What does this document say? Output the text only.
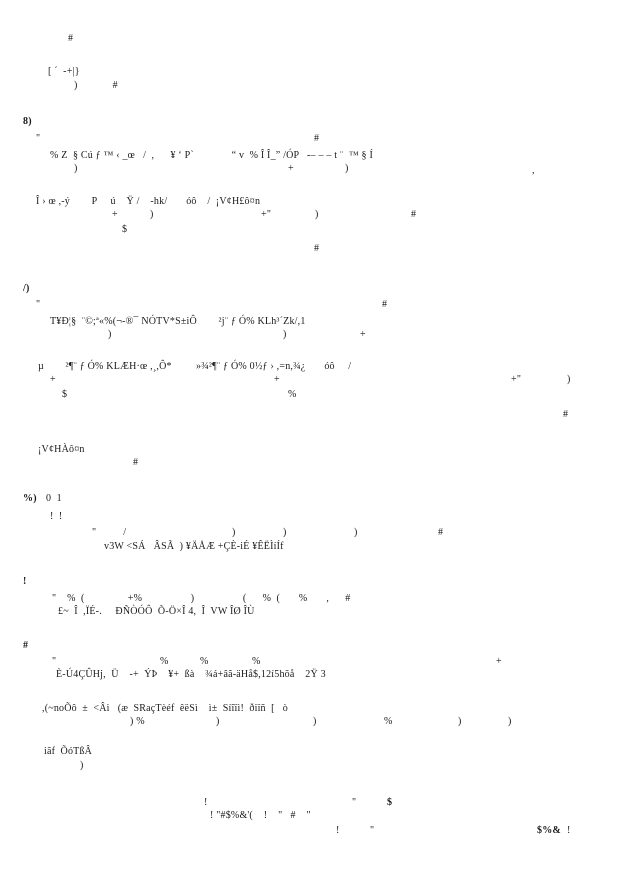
#
[ ´  -+|}
)             #
8)
"	#
% Z  § Cú ƒ ™ ‹ _œ   /  ,      ¥ ‘ P`              “ v  % Î Î_” /ÓP   -– – – t ¨  ™ § Í
)	+	)	,
Î › œ ,-ý        P     ú    Ÿ /    -hk/       óô    /  ¡V¢H£ô¤n
+	)	+"	)	#
$
#
/)
"	#
T¥Ð¦§  ¨©;ª«%(¬-®¯ NÓTV*S±iÔ        ²j¨ ƒ Ó% KLh³´Zk/,1
)	)	+
µ        ²¶¨ ƒ Ó% KLÆH·œ ,¸,Ô*         »¾²¶¨ ƒ Ó% 0½ƒ › ,=n,¾¿       óô     /
+	+	+"	)
$	%
#
¡V¢HÀô¤n
#
%) 0  1
!  !
"          /	)	)	)	#
v3W <SÁ   ÂSÃ  ) ¥ÄÅÆ +ÇÈ-iÉ ¥ÊËÌíÍf
!
"    %  (                +%                  )                  (      %  (       %       ,      #
£~  Î  ,ÏÉ-.     ÐÑÒÓÔ  Õ-Ö×Î 4,  Î  VW ÎØ ÎÙ
#
"	%	%	%	+
È-Ú4ÇÛHj,  Ü    -+  ÝÞ    ¥+  ßà    ¾á+âã-äHå$,12í5hõå    2Ÿ 3
,(~noÕô  ±  <Âi   (æ  SRaçTèéf  êëSì    ì±  Síîïì!  ðiïñ  [   ò
) %	)	)	%	)	)
iãf  ÕóTßÂ
)
!	"	$
! "#$%&'(    !    "   #    "
!	"	$%& !
